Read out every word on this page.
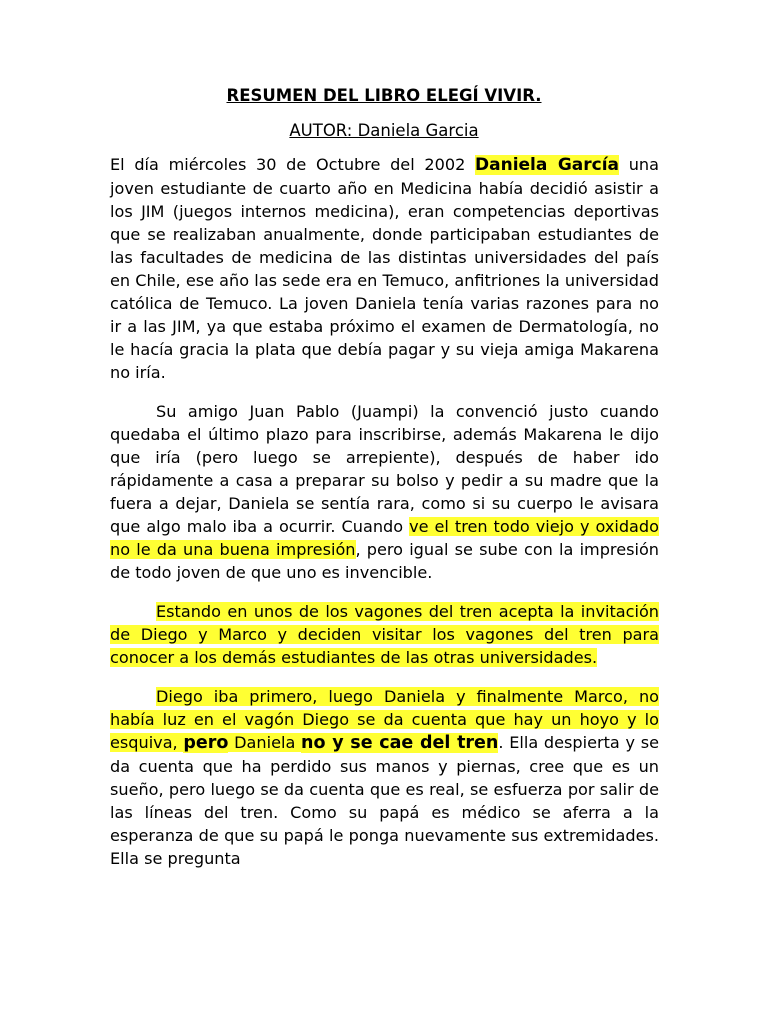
RESUMEN DEL LIBRO ELEGÍ VIVIR.

AUTOR: Daniela Garcia

El día miércoles 30 de Octubre del 2002 Daniela García una joven estudiante de cuarto año en Medicina había decidió asistir a los JIM (juegos internos medicina), eran competencias deportivas que se realizaban anualmente, donde participaban estudiantes de las facultades de medicina de las distintas universidades del país en Chile, ese año las sede era en Temuco, anfitriones la universidad católica de Temuco. La joven Daniela tenía varias razones para no ir a las JIM, ya que estaba próximo el examen de Dermatología, no le hacía gracia la plata que debía pagar y su vieja amiga Makarena no iría.

Su amigo Juan Pablo (Juampi) la convenció justo cuando quedaba el último plazo para inscribirse, además Makarena le dijo que iría (pero luego se arrepiente), después de haber ido rápidamente a casa a preparar su bolso y pedir a su madre que la fuera a dejar, Daniela se sentía rara, como si su cuerpo le avisara que algo malo iba a ocurrir. Cuando ve el tren todo viejo y oxidado no le da una buena impresión, pero igual se sube con la impresión de todo joven de que uno es invencible.

Estando en unos de los vagones del tren acepta la invitación de Diego y Marco y deciden visitar los vagones del tren para conocer a los demás estudiantes de las otras universidades.

Diego iba primero, luego Daniela y finalmente Marco, no había luz en el vagón Diego se da cuenta que hay un hoyo y lo esquiva, pero Daniela no y se cae del tren. Ella despierta y se da cuenta que ha perdido sus manos y piernas, cree que es un sueño, pero luego se da cuenta que es real, se esfuerza por salir de las líneas del tren. Como su papá es médico se aferra a la esperanza de que su papá le ponga nuevamente sus extremidades. Ella se pregunta
